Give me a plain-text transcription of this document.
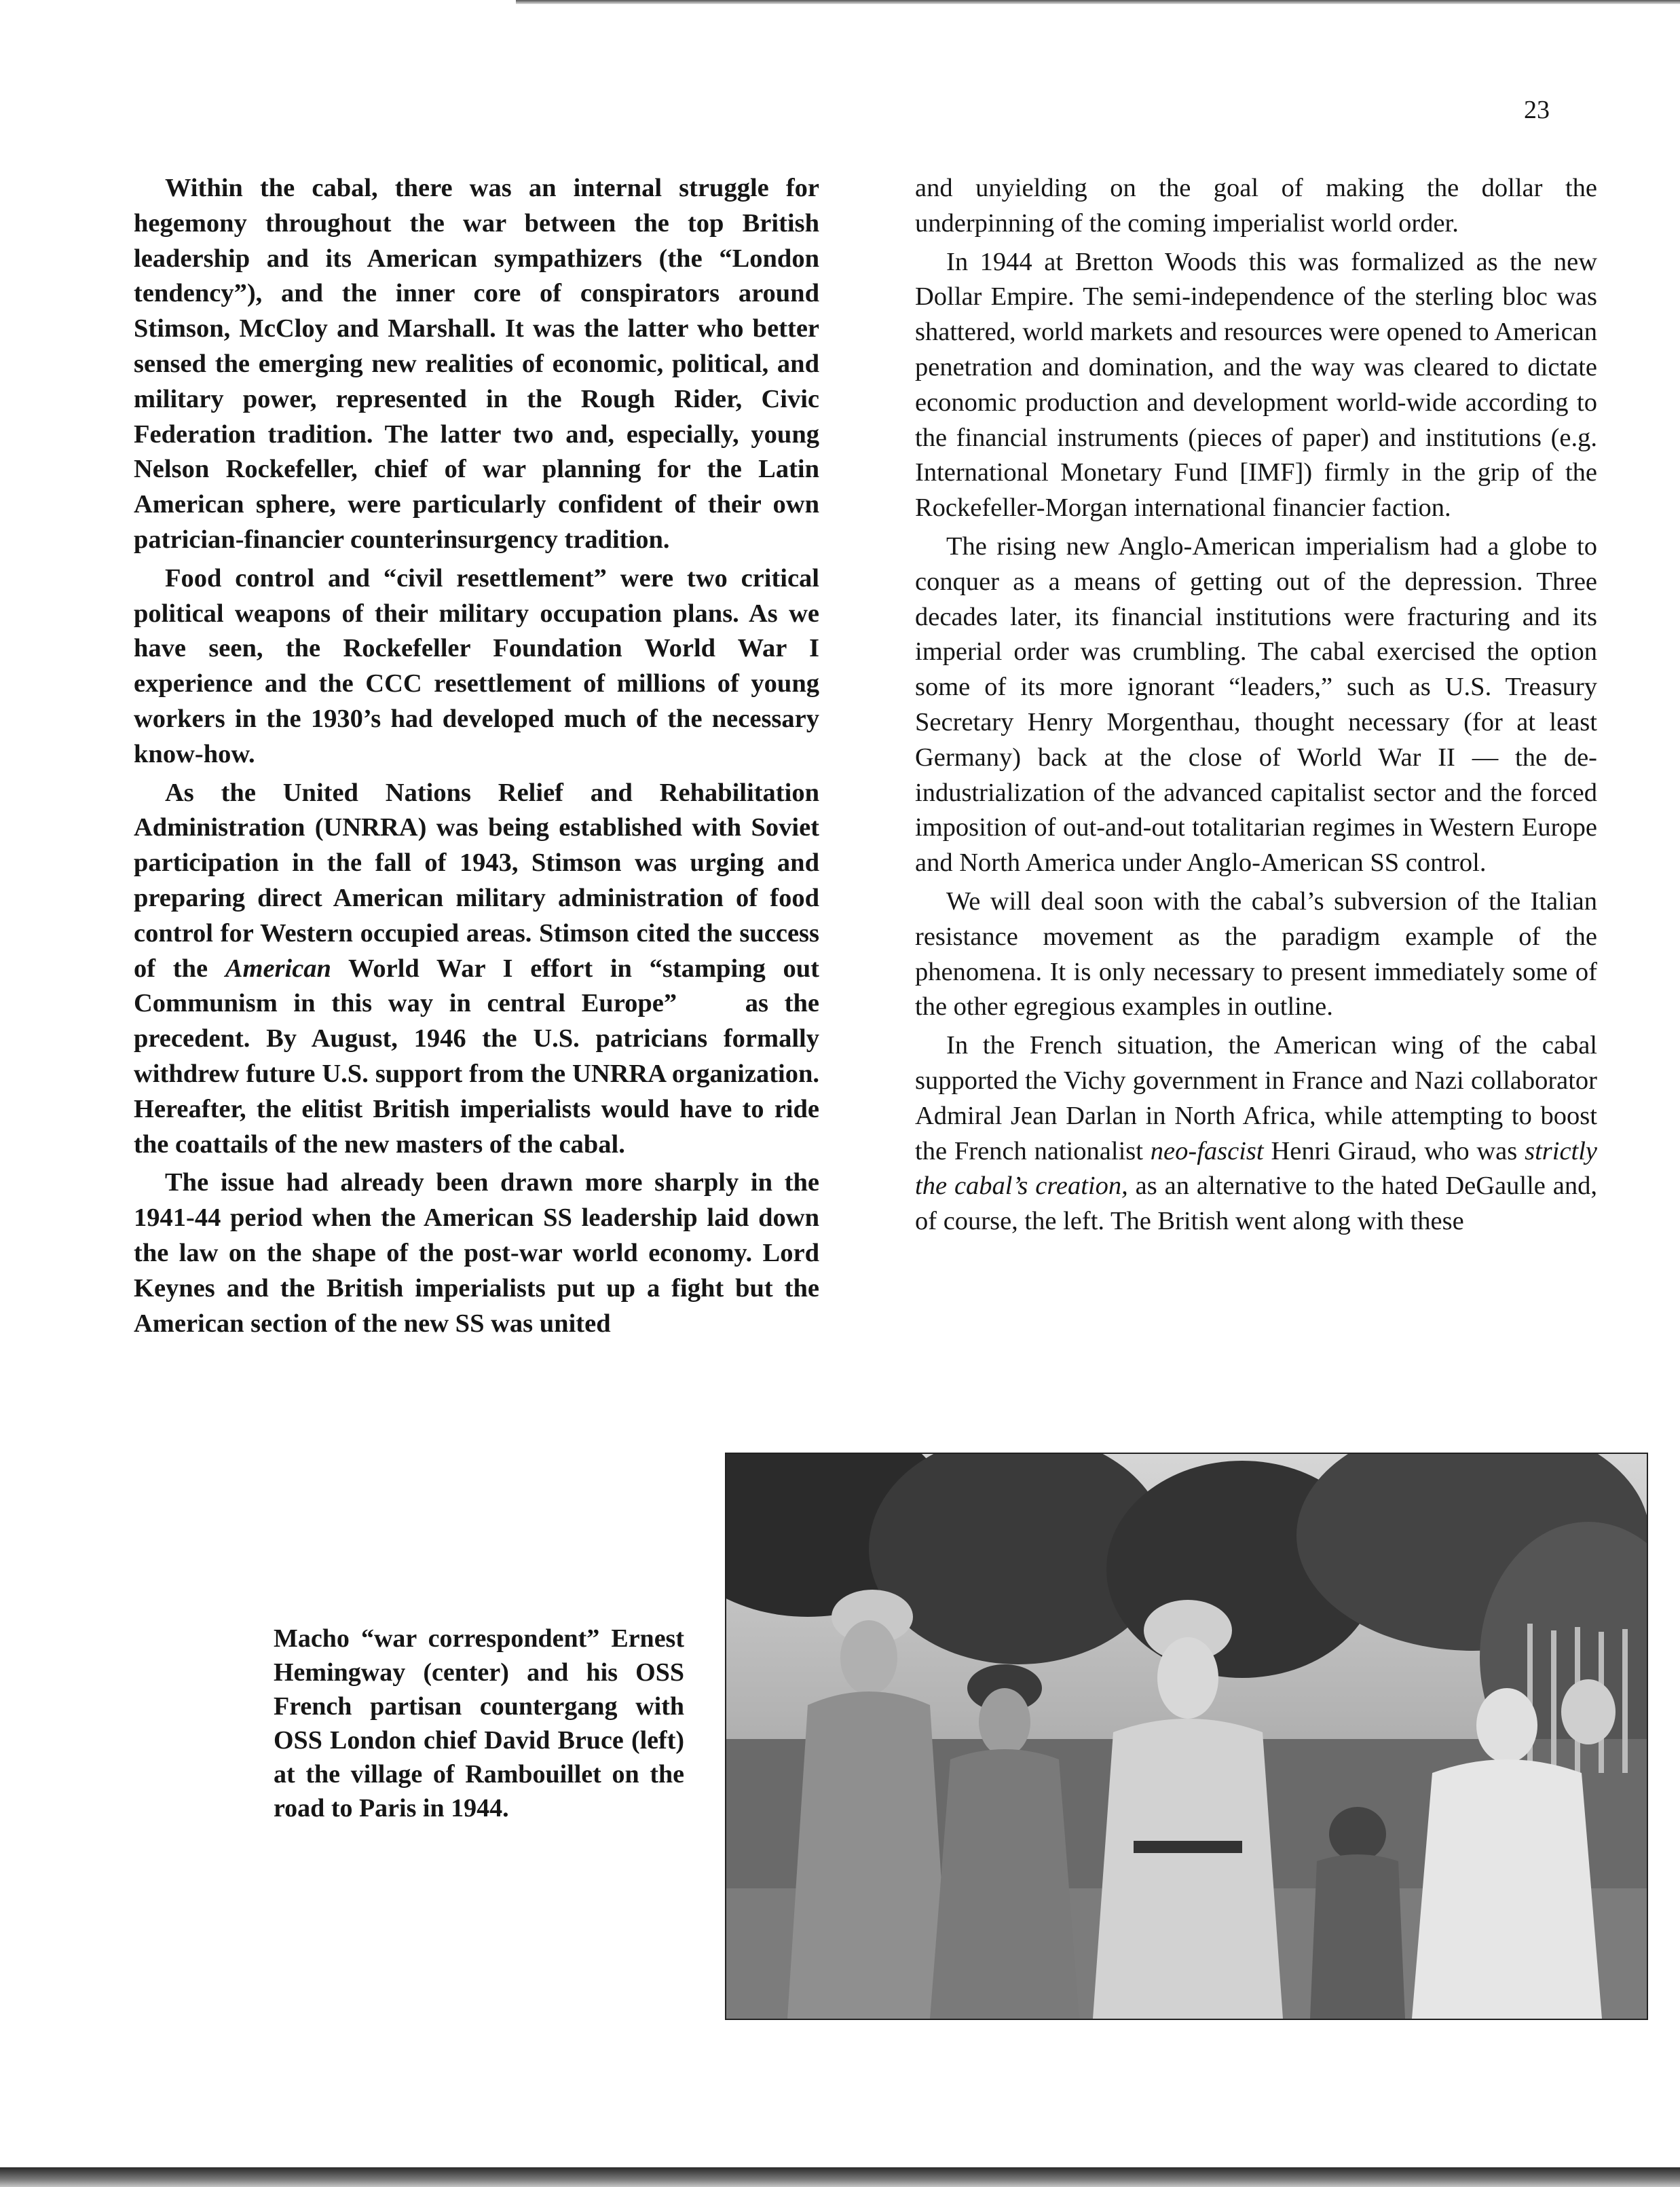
23

Within the cabal, there was an internal struggle for hegemony throughout the war between the top British leadership and its American sympathizers (the “London tendency”), and the inner core of conspirators around Stimson, McCloy and Marshall. It was the latter who better sensed the emerging new realities of economic, political, and military power, represented in the Rough Rider, Civic Federation tradition. The latter two and, especially, young Nelson Rockefeller, chief of war planning for the Latin American sphere, were particularly confident of their own patrician-financier counterinsurgency tradition.

Food control and “civil resettlement” were two critical political weapons of their military occupation plans. As we have seen, the Rockefeller Foundation World War I experience and the CCC resettlement of millions of young workers in the 1930’s had developed much of the necessary know-how.

As the United Nations Relief and Rehabilitation Administration (UNRRA) was being established with Soviet participation in the fall of 1943, Stimson was urging and preparing direct American military administration of food control for Western occupied areas. Stimson cited the success of the American World War I effort in “stamping out Communism in this way in central Europe”  	as the precedent. By August, 1946 the U.S. patricians formally withdrew future U.S. support from the UNRRA organization. Hereafter, the elitist British imperialists would have to ride the coattails of the new masters of the cabal.

The issue had already been drawn more sharply in the 1941-44 period when the American SS leadership laid down the law on the shape of the post-war world economy. Lord Keynes and the British imperialists put up a fight but the American section of the new SS was united

and unyielding on the goal of making the dollar the underpinning of the coming imperialist world order.

In 1944 at Bretton Woods this was formalized as the new Dollar Empire. The semi-independence of the sterling bloc was shattered, world markets and resources were opened to American penetration and domination, and the way was cleared to dictate economic production and development world-wide according to the financial instruments (pieces of paper) and institutions (e.g. International Monetary Fund [IMF]) firmly in the grip of the Rockefeller-Morgan international financier faction.

The rising new Anglo-American imperialism had a globe to conquer as a means of getting out of the depression. Three decades later, its financial institutions were fracturing and its imperial order was crumbling. The cabal exercised the option some of its more ignorant “leaders,” such as U.S. Treasury Secretary Henry Morgenthau, thought necessary (for at least Germany) back at the close of World War II — the de-industrialization of the advanced capitalist sector and the forced imposition of out-and-out totalitarian regimes in Western Europe and North America under Anglo-American SS control.

We will deal soon with the cabal’s subversion of the Italian resistance movement as the paradigm example of the phenomena. It is only necessary to present immediately some of the other egregious examples in outline.

In the French situation, the American wing of the cabal supported the Vichy government in France and Nazi collaborator Admiral Jean Darlan in North Africa, while attempting to boost the French nationalist neo-fascist Henri Giraud, who was strictly the cabal’s creation, as an alternative to the hated DeGaulle and, of course, the left. The British went along with these

Macho “war correspondent” Ernest Hemingway (center) and his OSS French partisan countergang with OSS London chief David Bruce (left) at the village of Rambouillet on the road to Paris in 1944.
